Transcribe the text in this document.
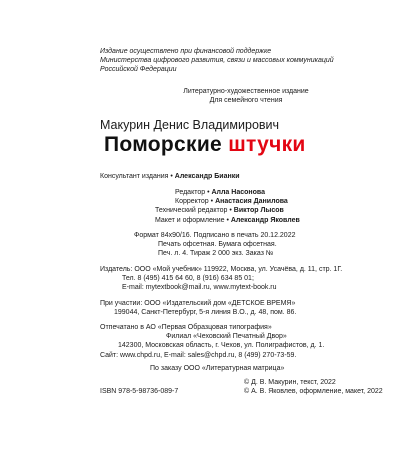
Издание осуществлено при финансовой поддержке
Министерства цифрового развития, связи и массовых коммуникаций
Российской Федерации
Литературно-художественное издание
Для семейного чтения
Макурин Денис Владимирович
Поморские штучки
Консультант издания • Александр Бианки
Редактор • Алла Насонова
Корректор • Анастасия Данилова
Технический редактор • Виктор Лысов
Макет и оформление • Александр Яковлев
Формат 84х90/16. Подписано в печать 20.12.2022
Печать офсетная. Бумага офсетная.
Печ. л. 4. Тираж 2 000 экз. Заказ №
Издатель: ООО «Мой учебник» 119922, Москва, ул. Усачёва, д. 11, стр. 1Г.
Тел. 8 (495) 415 64 60, 8 (916) 634 85 01;
E-mail: mytextbook@mail.ru, www.mytext-book.ru
При участии: ООО «Издательский дом «ДЕТСКОЕ ВРЕМЯ»
199044, Санкт-Петербург, 5-я линия В.О., д. 48, пом. 86.
Отпечатано в АО «Первая Образцовая типография»
Филиал «Чеховский Печатный Двор»
142300, Московская область, г. Чехов, ул. Полиграфистов, д. 1.
Сайт: www.chpd.ru, E-mail: sales@chpd.ru, 8 (499) 270-73-59.
По заказу ООО «Литературная матрица»
ISBN 978-5-98736-089-7
© Д. В. Макурин, текст, 2022
© А. В. Яковлев, оформление, макет, 2022
